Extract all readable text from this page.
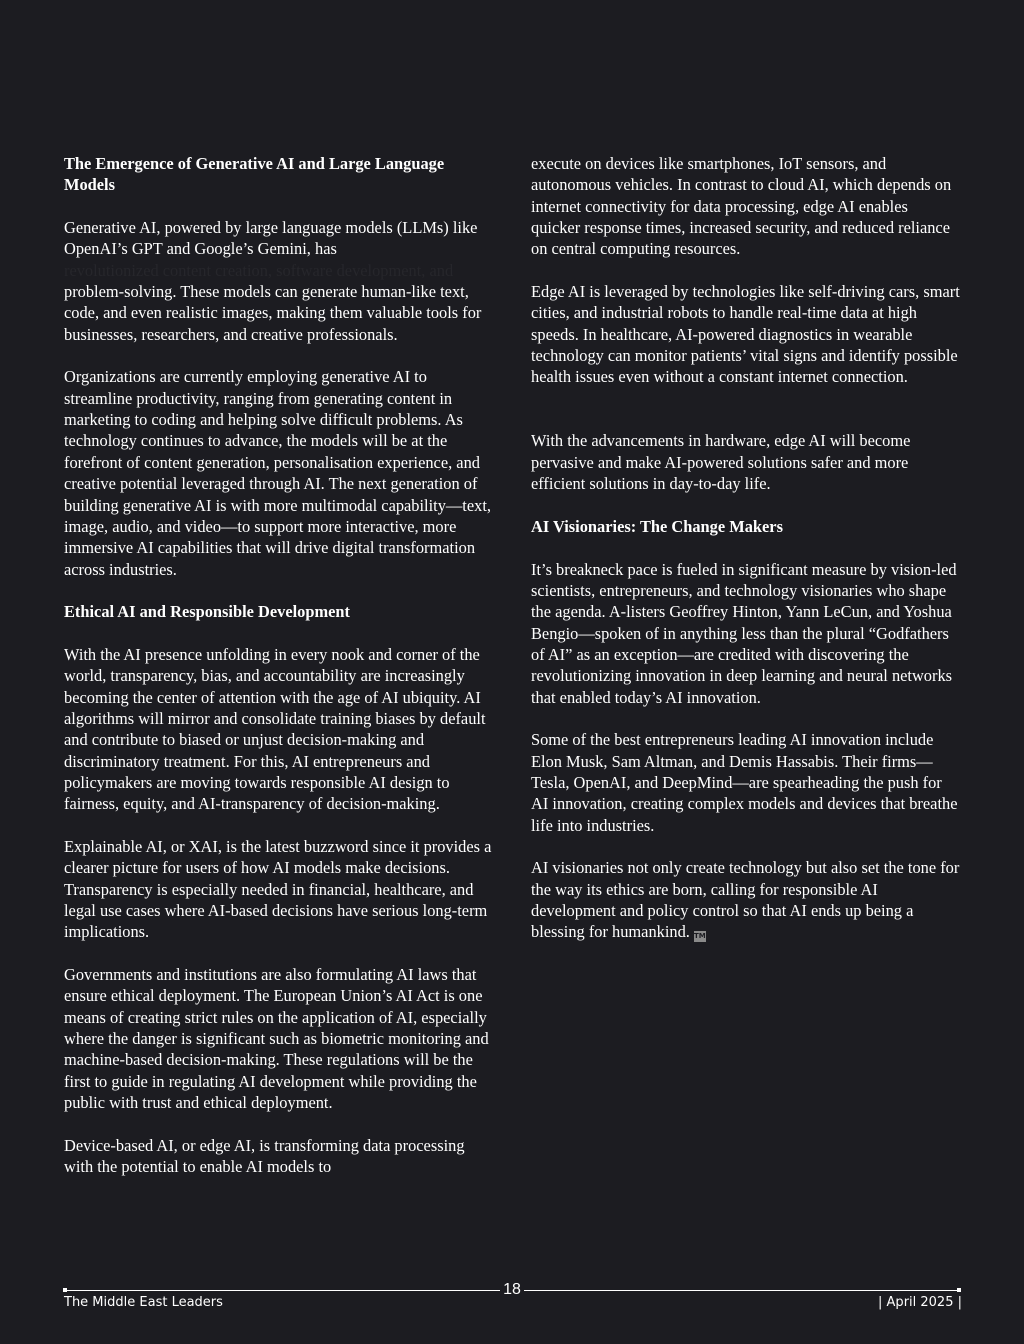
The Emergence of Generative AI and Large Language Models

Generative AI, powered by large language models (LLMs) like OpenAI’s GPT and Google’s Gemini, has
revolutionized content creation, software development, and
problem-solving. These models can generate human-like text, code, and even realistic images, making them valuable tools for businesses, researchers, and creative professionals.

Organizations are currently employing generative AI to streamline productivity, ranging from generating content in marketing to coding and helping solve difficult problems. As technology continues to advance, the models will be at the forefront of content generation, personalisation experience, and creative potential leveraged through AI. The next generation of building generative AI is with more multimodal capability—text, image, audio, and video—to support more interactive, more immersive AI capabilities that will drive digital transformation across industries.

Ethical AI and Responsible Development

With the AI presence unfolding in every nook and corner of the world, transparency, bias, and accountability are increasingly becoming the center of attention with the age of AI ubiquity. AI algorithms will mirror and consolidate training biases by default and contribute to biased or unjust decision-making and discriminatory treatment. For this, AI entrepreneurs and policymakers are moving towards responsible AI design to fairness, equity, and AI-transparency of decision-making.

Explainable AI, or XAI, is the latest buzzword since it provides a clearer picture for users of how AI models make decisions. Transparency is especially needed in financial, healthcare, and legal use cases where AI-based decisions have serious long-term implications.

Governments and institutions are also formulating AI laws that ensure ethical deployment. The European Union’s AI Act is one means of creating strict rules on the application of AI, especially where the danger is significant such as biometric monitoring and machine-based decision-making. These regulations will be the first to guide in regulating AI development while providing the public with trust and ethical deployment.

Device-based AI, or edge AI, is transforming data processing with the potential to enable AI models to

execute on devices like smartphones, IoT sensors, and autonomous vehicles. In contrast to cloud AI, which depends on internet connectivity for data processing, edge AI enables quicker response times, increased security, and reduced reliance on central computing resources.

Edge AI is leveraged by technologies like self-driving cars, smart cities, and industrial robots to handle real-time data at high speeds. In healthcare, AI-powered diagnostics in wearable technology can monitor patients’ vital signs and identify possible health issues even without a constant internet connection.

With the advancements in hardware, edge AI will become pervasive and make AI-powered solutions safer and more efficient solutions in day-to-day life.

AI Visionaries: The Change Makers

It’s breakneck pace is fueled in significant measure by vision-led scientists, entrepreneurs, and technology visionaries who shape the agenda. A-listers Geoffrey Hinton, Yann LeCun, and Yoshua Bengio—spoken of in anything less than the plural “Godfathers of AI” as an exception—are credited with discovering the revolutionizing innovation in deep learning and neural networks that enabled today’s AI innovation.

Some of the best entrepreneurs leading AI innovation include Elon Musk, Sam Altman, and Demis Hassabis. Their firms—Tesla, OpenAI, and DeepMind—are spearheading the push for AI innovation, creating complex models and devices that breathe life into industries.

AI visionaries not only create technology but also set the tone for the way its ethics are born, calling for responsible AI development and policy control so that AI ends up being a blessing for humankind. TM

18
The Middle East Leaders	| April 2025 |
